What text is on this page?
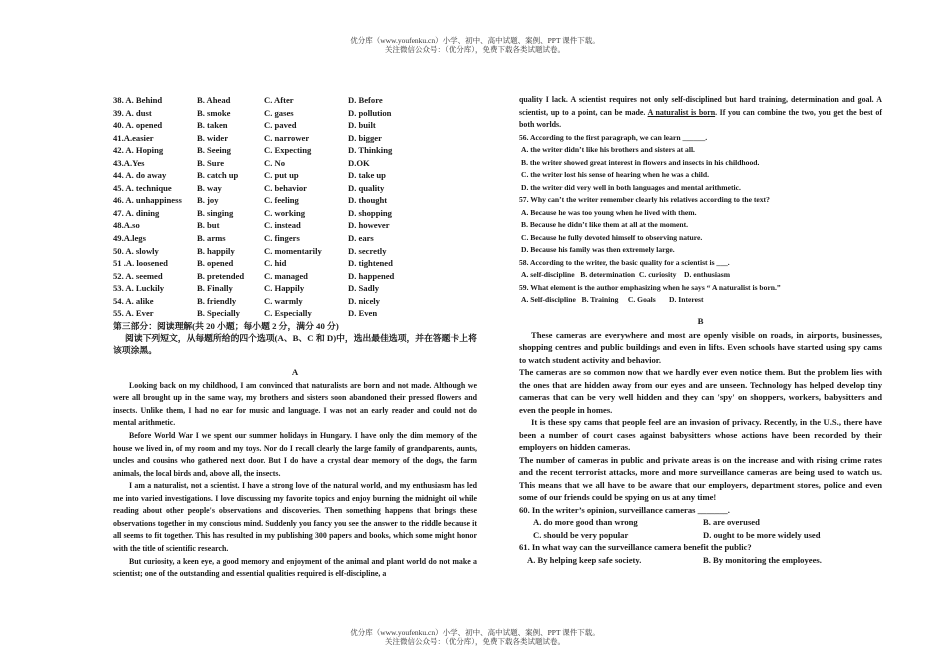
优分库（www.youfenku.cn）小学、初中、高中试题、案例、PPT 课件下载。
关注微信公众号：（优分库），免费下载各类试题试卷。
38. A. Behind	B. Ahead	C. After	D. Before
39. A. dust	B. smoke	C. gases	D. pollution
40. A. opened	B. taken	C. paved	D. built
41.A.easier	B. wider	C. narrower	D. bigger
42. A. Hoping	B. Seeing	C. Expecting	D. Thinking
43.A.Yes	B. Sure	C. No	D.OK
44. A. do away	B. catch up	C. put up	D. take up
45. A. technique	B. way	C. behavior	D. quality
46. A. unhappiness	B. joy	C. feeling	D. thought
47. A. dining	B. singing	C. working	D. shopping
48.A.so	B. but	C. instead	D. however
49.A.legs	B. arms	C. fingers	D. ears
50. A. slowly	B. happily	C. momentarily	D. secretly
51 .A. loosened	B. opened	C. hid	D. tightened
52. A. seemed	B. pretended	C. managed	D. happened
53. A. Luckily	B. Finally	C. Happily	D. Sadly
54. A. alike	B. friendly	C. warmly	D. nicely
55. A. Ever	B. Specially	C. Especially	D. Even
第三部分：阅读理解(共 20 小题；每小题 2 分，满分 40 分)
阅读下列短文，从每题所给的四个选项(A、B、C 和 D)中，选出最佳选项，并在答题卡上将该项涂黑。
A

Looking back on my childhood, I am convinced that naturalists are born and not made. Although we were all brought up in the same way, my brothers and sisters soon abandoned their pressed flowers and insects. Unlike them, I had no ear for music and language. I was not an early reader and could not do mental arithmetic.

Before World War I we spent our summer holidays in Hungary. I have only the dim memory of the house we lived in, of my room and my toys. Nor do I recall clearly the large family of grandparents, aunts, uncles and cousins who gathered next door. But I do have a crystal dear memory of the dogs, the farm animals, the local birds and, above all, the insects.

I am a naturalist, not a scientist. I have a strong love of the natural world, and my enthusiasm has led me into varied investigations. I love discussing my favorite topics and enjoy burning the midnight oil while reading about other people's observations and discoveries. Then something happens that brings these observations together in my conscious mind. Suddenly you fancy you see the answer to the riddle because it all seems to fit together. This has resulted in my publishing 300 papers and books, which some might honor with the title of scientific research.

But curiosity, a keen eye, a good memory and enjoyment of the animal and plant world do not make a scientist; one of the outstanding and essential qualities required is elf-discipline, a

quality I lack. A scientist requires not only self-disciplined but hard training, determination and goal. A scientist, up to a point, can be made. A naturalist is born. If you can combine the two, you get the best of both worlds.

56. According to the first paragraph, we can learn ______.
A. the writer didn’t like his brothers and sisters at all.
B. the writer showed great interest in flowers and insects in his childhood.
C. the writer lost his sense of hearing when he was a child.
D. the writer did very well in both languages and mental arithmetic.
57. Why can’t the writer remember clearly his relatives according to the text?
A. Because he was too young when he lived with them.
B. Because he didn’t like them at all at the moment.
C. Because he fully devoted himself to observing nature.
D. Because his family was then extremely large.
58. According to the writer, the basic quality for a scientist is ___.
A. self-discipline   B. determination  C. curiosity    D. enthusiasm
59. What element is the author emphasizing when he says “ A naturalist is born.”
A. Self-discipline   B. Training     C. Goals       D. Interest
B

These cameras are everywhere and most are openly visible on roads, in airports, businesses, shopping centres and public buildings and even in lifts. Even schools have started using spy cams to watch student activity and behavior.

The cameras are so common now that we hardly ever even notice them. But the problem lies with the ones that are hidden away from our eyes and are unseen. Technology has helped develop tiny cameras that can be very well hidden and they can 'spy' on shoppers, workers, babysitters and even the people in homes.

It is these spy cams that people feel are an invasion of privacy. Recently, in the U.S., there have been a number of court cases against babysitters whose actions have been recorded by their employers on hidden cameras.

The number of cameras in public and private areas is on the increase and with rising crime rates and the recent terrorist attacks, more and more surveillance cameras are being used to watch us. This means that we all have to be aware that our employers, department stores, police and even some of our friends could be spying on us at any time!

60. In the writer’s opinion, surveillance cameras _______.
A. do more good than wrong	B. are overused
C. should be very popular	D. ought to be more widely used
61. In what way can the surveillance camera benefit the public?
A. By helping keep safe society.	B. By monitoring the employees.
优分库（www.youfenku.cn）小学、初中、高中试题、案例、PPT 课件下载。
关注微信公众号：（优分库），免费下载各类试题试卷。
